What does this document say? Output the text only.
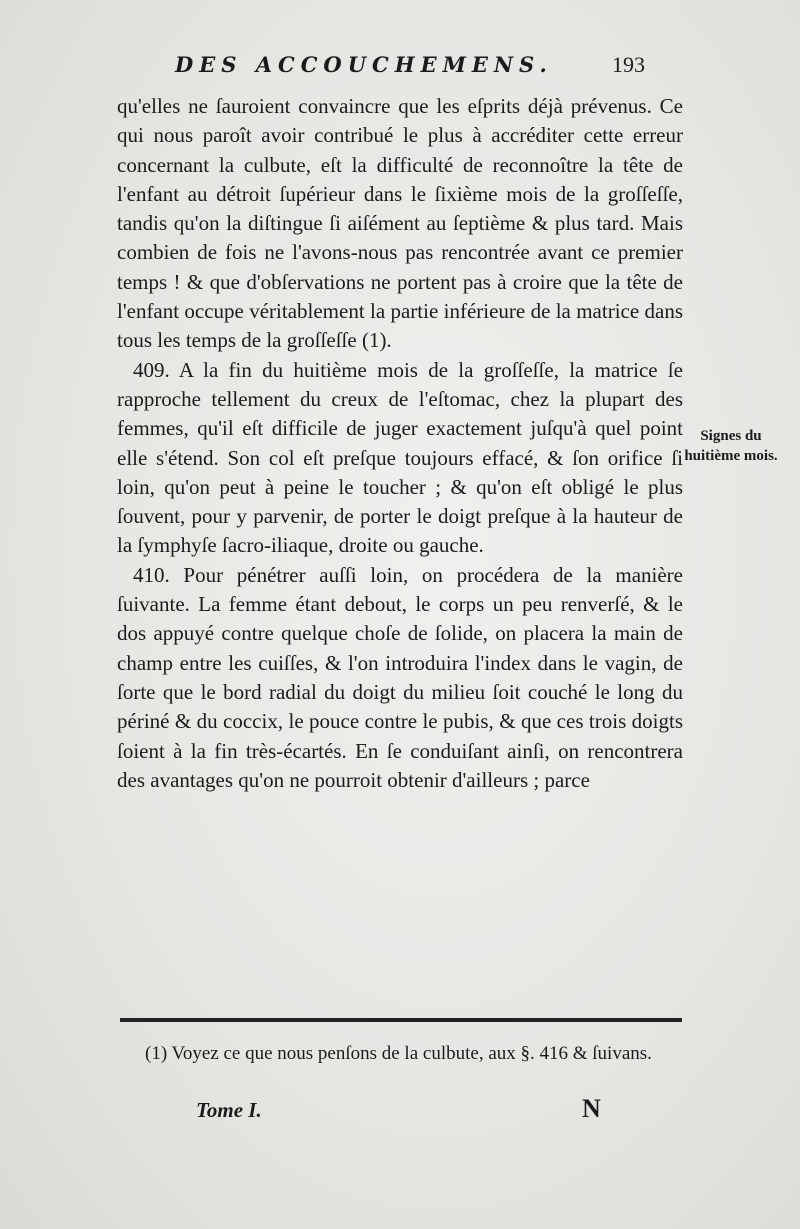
DES ACCOUCHEMENS.	193

qu'elles ne ſauroient convaincre que les eſprits déjà prévenus. Ce qui nous paroît avoir contribué le plus à accréditer cette erreur concernant la culbute, eſt la difficulté de reconnoître la tête de l'enfant au détroit ſupérieur dans le ſixième mois de la groſſeſſe, tandis qu'on la diſtingue ſi aiſément au ſeptième & plus tard. Mais combien de fois ne l'avons-nous pas rencontrée avant ce premier temps ! & que d'obſervations ne portent pas à croire que la tête de l'enfant occupe véritablement la partie inférieure de la matrice dans tous les temps de la groſſeſſe (1).

409. A la fin du huitième mois de la groſſeſſe, la matrice ſe rapproche tellement du creux de l'eſtomac, chez la plupart des femmes, qu'il eſt difficile de juger exactement juſqu'à quel point elle s'étend. Son col eſt preſque toujours effacé, & ſon orifice ſi loin, qu'on peut à peine le toucher ; & qu'on eſt obligé le plus ſouvent, pour y parvenir, de porter le doigt preſque à la hauteur de la ſymphyſe ſacro-iliaque, droite ou gauche.

410. Pour pénétrer auſſi loin, on procédera de la manière ſuivante. La femme étant debout, le corps un peu renverſé, & le dos appuyé contre quelque choſe de ſolide, on placera la main de champ entre les cuiſſes, & l'on introduira l'index dans le vagin, de ſorte que le bord radial du doigt du milieu ſoit couché le long du périné & du coccix, le pouce contre le pubis, & que ces trois doigts ſoient à la fin très-écartés. En ſe conduiſant ainſi, on rencontrera des avantages qu'on ne pourroit obtenir d'ailleurs ; parce

Signes du huitième mois.

(1) Voyez ce que nous penſons de la culbute, aux §. 416 & ſuivans.

Tome I.	N
